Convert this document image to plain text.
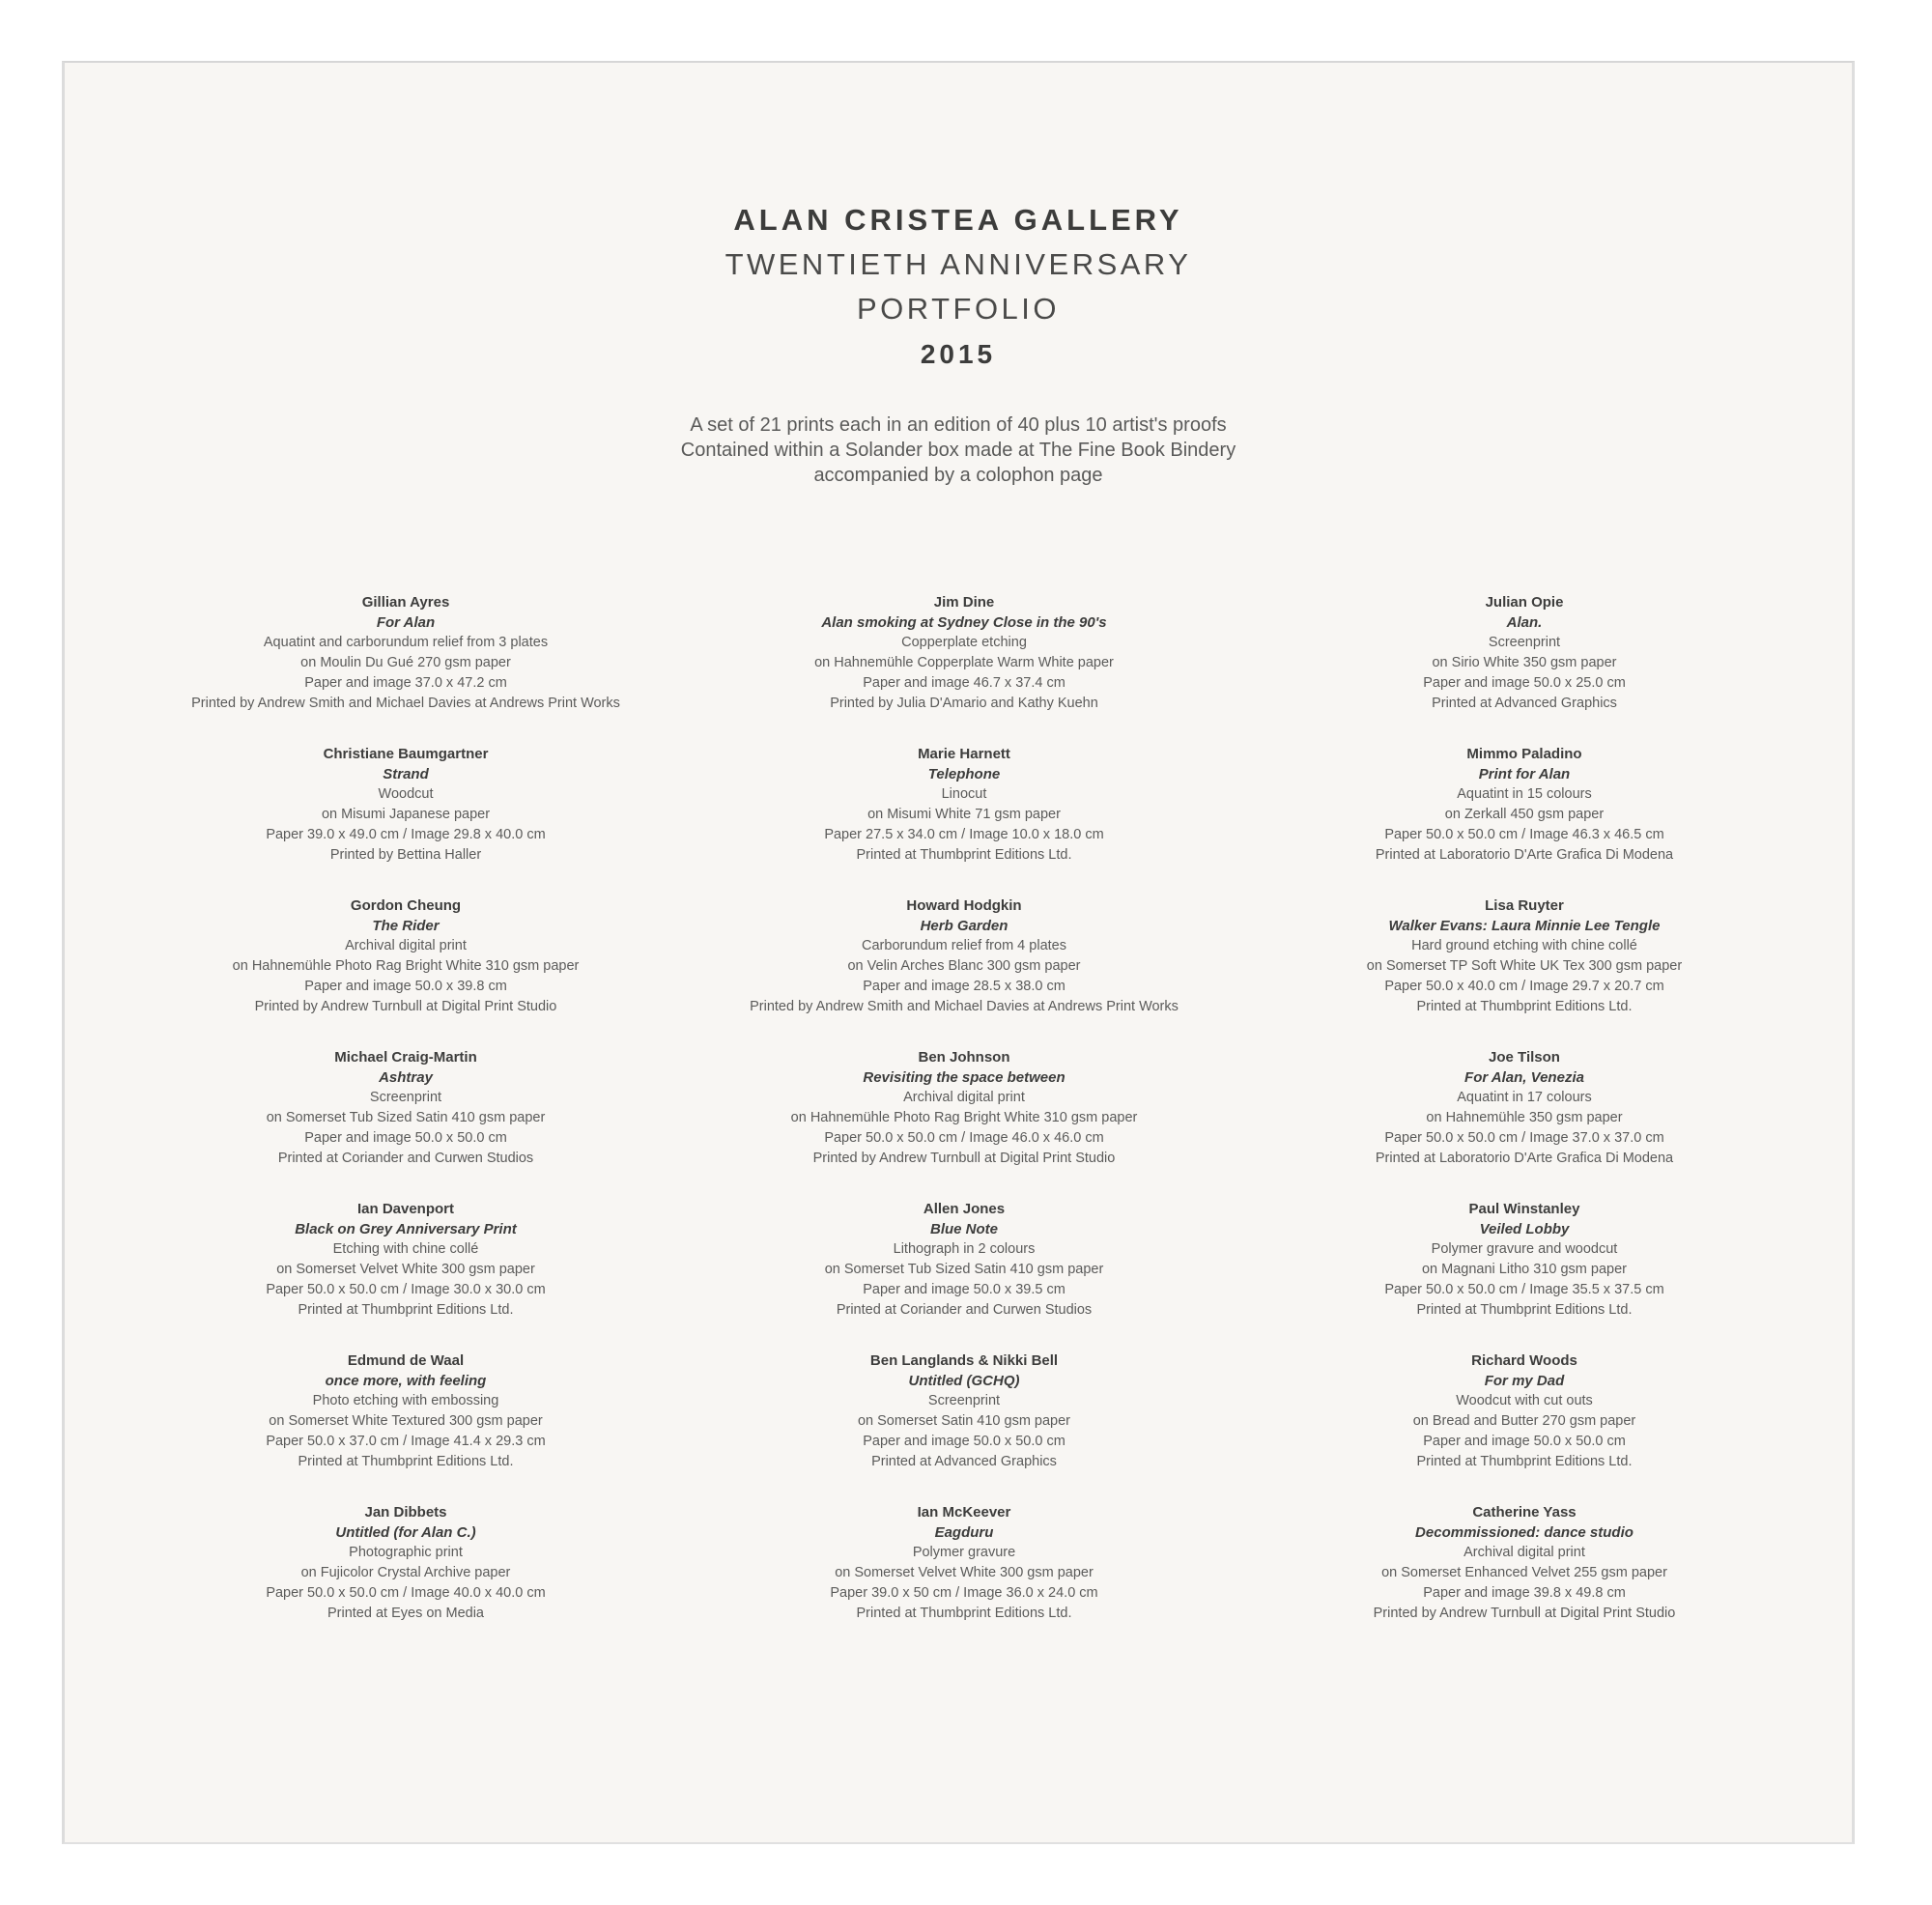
ALAN CRISTEA GALLERY
TWENTIETH ANNIVERSARY
PORTFOLIO
2015
A set of 21 prints each in an edition of 40 plus 10 artist's proofs
Contained within a Solander box made at The Fine Book Bindery
accompanied by a colophon page
Gillian Ayres
For Alan
Aquatint and carborundum relief from 3 plates
on Moulin Du Gué 270 gsm paper
Paper and image 37.0 x 47.2 cm
Printed by Andrew Smith and Michael Davies at Andrews Print Works
Christiane Baumgartner
Strand
Woodcut
on Misumi Japanese paper
Paper 39.0 x 49.0 cm / Image 29.8 x 40.0 cm
Printed by Bettina Haller
Gordon Cheung
The Rider
Archival digital print
on Hahnemühle Photo Rag Bright White 310 gsm paper
Paper and image 50.0 x 39.8 cm
Printed by Andrew Turnbull at Digital Print Studio
Michael Craig-Martin
Ashtray
Screenprint
on Somerset Tub Sized Satin 410 gsm paper
Paper and image 50.0 x 50.0 cm
Printed at Coriander and Curwen Studios
Ian Davenport
Black on Grey Anniversary Print
Etching with chine collé
on Somerset Velvet White 300 gsm paper
Paper 50.0 x 50.0 cm / Image 30.0 x 30.0 cm
Printed at Thumbprint Editions Ltd.
Edmund de Waal
once more, with feeling
Photo etching with embossing
on Somerset White Textured 300 gsm paper
Paper 50.0 x 37.0 cm / Image 41.4 x 29.3 cm
Printed at Thumbprint Editions Ltd.
Jan Dibbets
Untitled (for Alan C.)
Photographic print
on Fujicolor Crystal Archive paper
Paper 50.0 x 50.0 cm / Image 40.0 x 40.0 cm
Printed at Eyes on Media
Jim Dine
Alan smoking at Sydney Close in the 90's
Copperplate etching
on Hahnemühle Copperplate Warm White paper
Paper and image 46.7 x 37.4 cm
Printed by Julia D'Amario and Kathy Kuehn
Marie Harnett
Telephone
Linocut
on Misumi White 71 gsm paper
Paper 27.5 x 34.0 cm / Image 10.0 x 18.0 cm
Printed at Thumbprint Editions Ltd.
Howard Hodgkin
Herb Garden
Carborundum relief from 4 plates
on Velin Arches Blanc 300 gsm paper
Paper and image 28.5 x 38.0 cm
Printed by Andrew Smith and Michael Davies at Andrews Print Works
Ben Johnson
Revisiting the space between
Archival digital print
on Hahnemühle Photo Rag Bright White 310 gsm paper
Paper 50.0 x 50.0 cm / Image 46.0 x 46.0 cm
Printed by Andrew Turnbull at Digital Print Studio
Allen Jones
Blue Note
Lithograph in 2 colours
on Somerset Tub Sized Satin 410 gsm paper
Paper and image 50.0 x 39.5 cm
Printed at Coriander and Curwen Studios
Ben Langlands & Nikki Bell
Untitled (GCHQ)
Screenprint
on Somerset Satin 410 gsm paper
Paper and image 50.0 x 50.0 cm
Printed at Advanced Graphics
Ian McKeever
Eagduru
Polymer gravure
on Somerset Velvet White 300 gsm paper
Paper 39.0 x 50 cm / Image 36.0 x 24.0 cm
Printed at Thumbprint Editions Ltd.
Julian Opie
Alan.
Screenprint
on Sirio White 350 gsm paper
Paper and image 50.0 x 25.0 cm
Printed at Advanced Graphics
Mimmo Paladino
Print for Alan
Aquatint in 15 colours
on Zerkall 450 gsm paper
Paper 50.0 x 50.0 cm / Image 46.3 x 46.5 cm
Printed at Laboratorio D'Arte Grafica Di Modena
Lisa Ruyter
Walker Evans: Laura Minnie Lee Tengle
Hard ground etching with chine collé
on Somerset TP Soft White UK Tex 300 gsm paper
Paper 50.0 x 40.0 cm / Image 29.7 x 20.7 cm
Printed at Thumbprint Editions Ltd.
Joe Tilson
For Alan, Venezia
Aquatint in 17 colours
on Hahnemühle 350 gsm paper
Paper 50.0 x 50.0 cm / Image 37.0 x 37.0 cm
Printed at Laboratorio D'Arte Grafica Di Modena
Paul Winstanley
Veiled Lobby
Polymer gravure and woodcut
on Magnani Litho 310 gsm paper
Paper 50.0 x 50.0 cm / Image 35.5 x 37.5 cm
Printed at Thumbprint Editions Ltd.
Richard Woods
For my Dad
Woodcut with cut outs
on Bread and Butter 270 gsm paper
Paper and image 50.0 x 50.0 cm
Printed at Thumbprint Editions Ltd.
Catherine Yass
Decommissioned: dance studio
Archival digital print
on Somerset Enhanced Velvet 255 gsm paper
Paper and image 39.8 x 49.8 cm
Printed by Andrew Turnbull at Digital Print Studio
